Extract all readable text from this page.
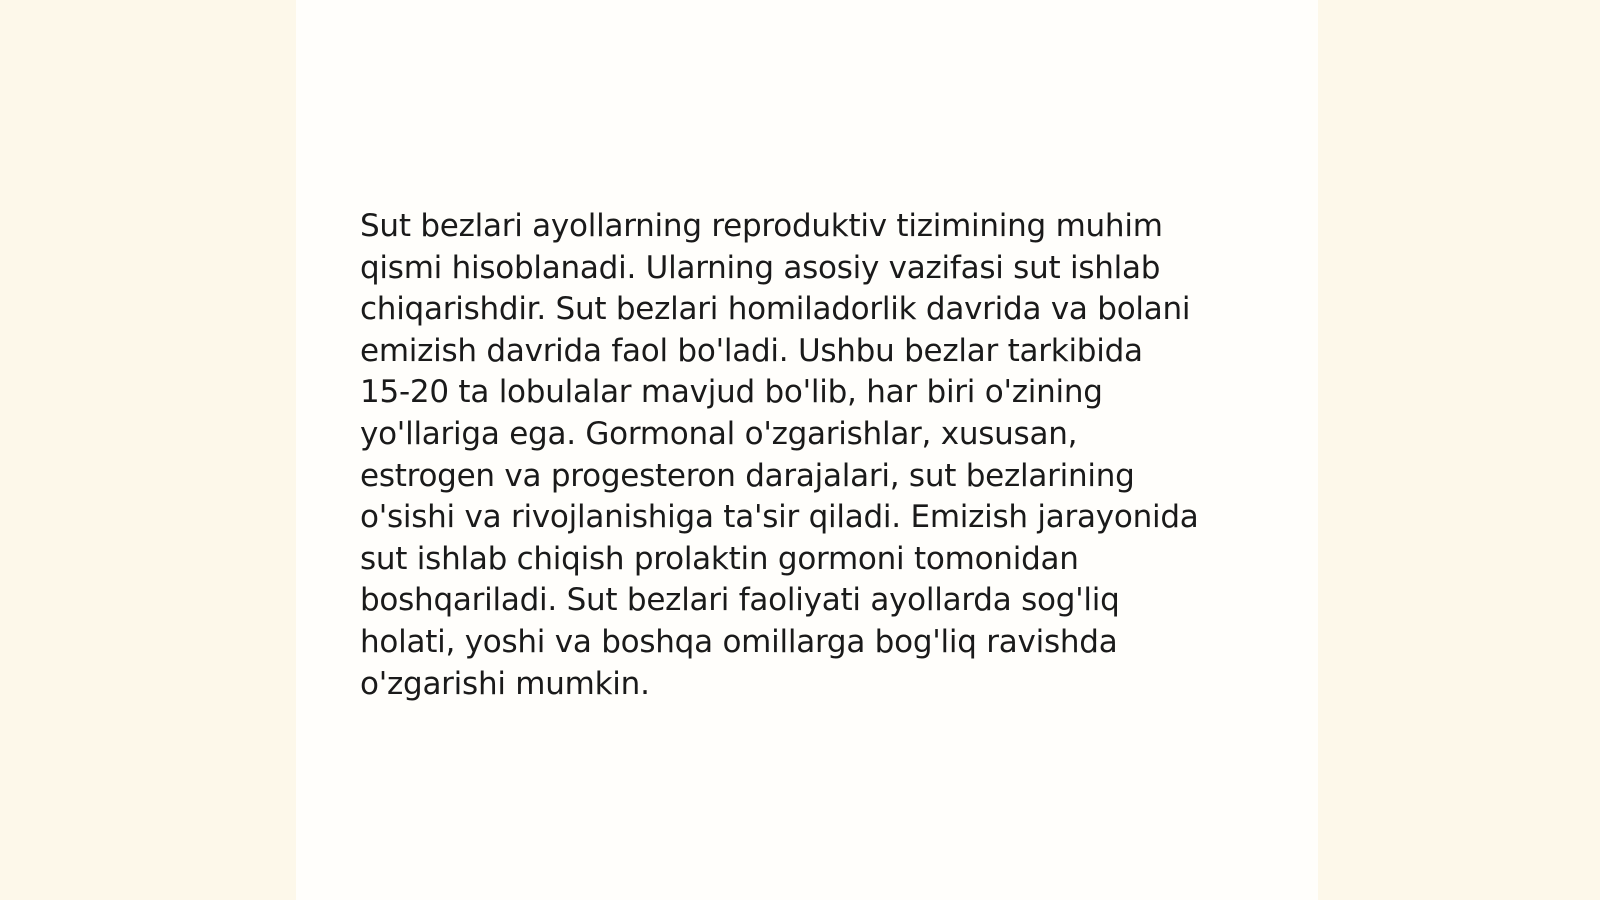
Sut bezlari ayollarning reproduktiv tizimining muhim
qismi hisoblanadi. Ularning asosiy vazifasi sut ishlab
chiqarishdir. Sut bezlari homiladorlik davrida va bolani
emizish davrida faol bo'ladi. Ushbu bezlar tarkibida
15-20 ta lobulalar mavjud bo'lib, har biri o'zining
yo'llariga ega. Gormonal o'zgarishlar, xususan,
estrogen va progesteron darajalari, sut bezlarining
o'sishi va rivojlanishiga ta'sir qiladi. Emizish jarayonida
sut ishlab chiqish prolaktin gormoni tomonidan
boshqariladi. Sut bezlari faoliyati ayollarda sog'liq
holati, yoshi va boshqa omillarga bog'liq ravishda
o'zgarishi mumkin.
